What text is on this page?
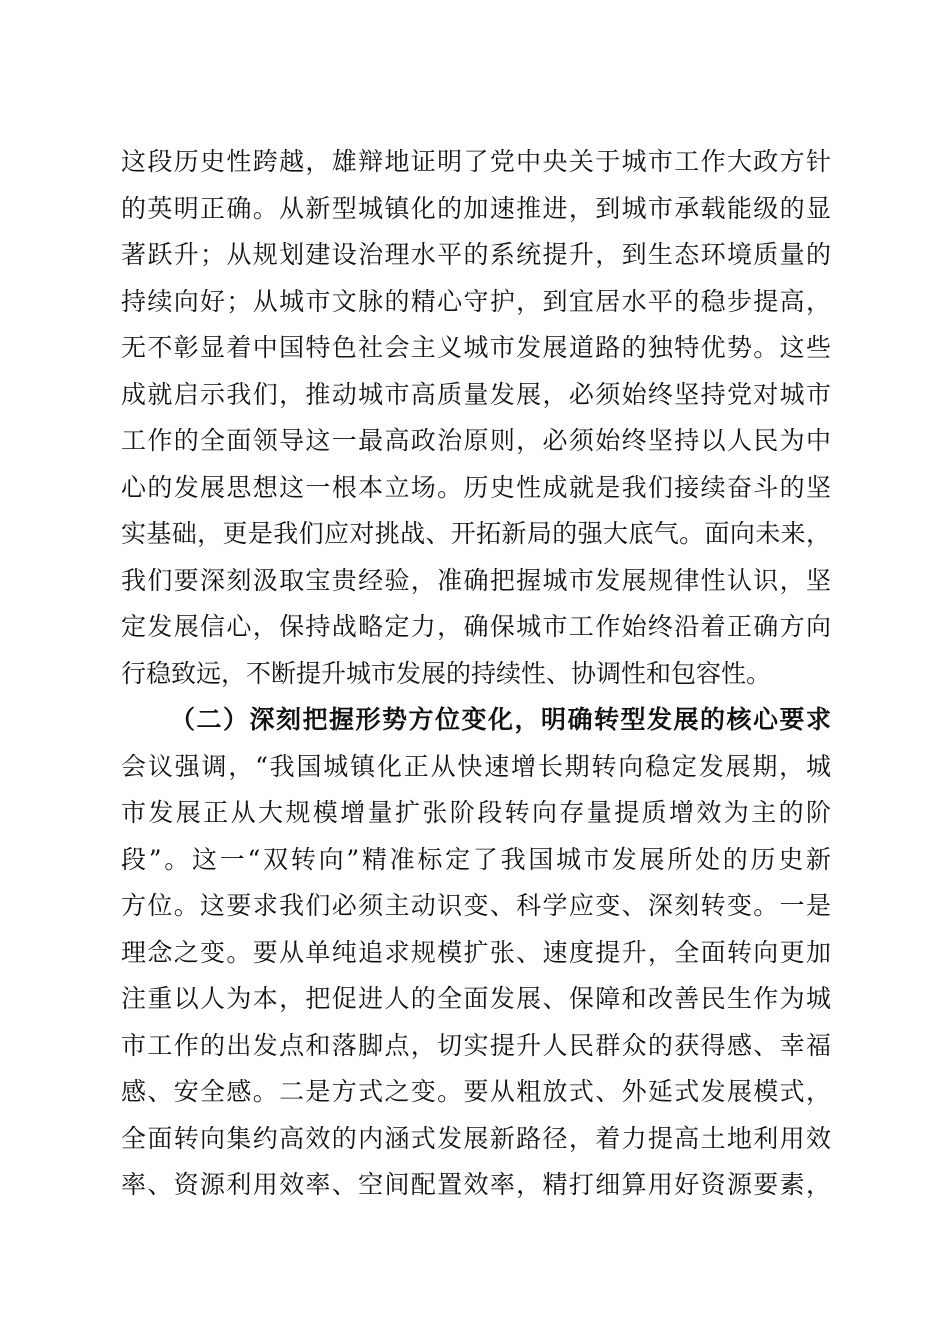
这段历史性跨越，雄辩地证明了党中央关于城市工作大政方针
的英明正确。从新型城镇化的加速推进，到城市承载能级的显
著跃升；从规划建设治理水平的系统提升，到生态环境质量的
持续向好；从城市文脉的精心守护，到宜居水平的稳步提高，
无不彰显着中国特色社会主义城市发展道路的独特优势。这些
成就启示我们，推动城市高质量发展，必须始终坚持党对城市
工作的全面领导这一最高政治原则，必须始终坚持以人民为中
心的发展思想这一根本立场。历史性成就是我们接续奋斗的坚
实基础，更是我们应对挑战、开拓新局的强大底气。面向未来，
我们要深刻汲取宝贵经验，准确把握城市发展规律性认识，坚
定发展信心，保持战略定力，确保城市工作始终沿着正确方向
行稳致远，不断提升城市发展的持续性、协调性和包容性。
（二）深刻把握形势方位变化，明确转型发展的核心要求
会议强调，“我国城镇化正从快速增长期转向稳定发展期，城
市发展正从大规模增量扩张阶段转向存量提质增效为主的阶
段”。这一“双转向”精准标定了我国城市发展所处的历史新
方位。这要求我们必须主动识变、科学应变、深刻转变。一是
理念之变。要从单纯追求规模扩张、速度提升，全面转向更加
注重以人为本，把促进人的全面发展、保障和改善民生作为城
市工作的出发点和落脚点，切实提升人民群众的获得感、幸福
感、安全感。二是方式之变。要从粗放式、外延式发展模式，
全面转向集约高效的内涵式发展新路径，着力提高土地利用效
率、资源利用效率、空间配置效率，精打细算用好资源要素，
